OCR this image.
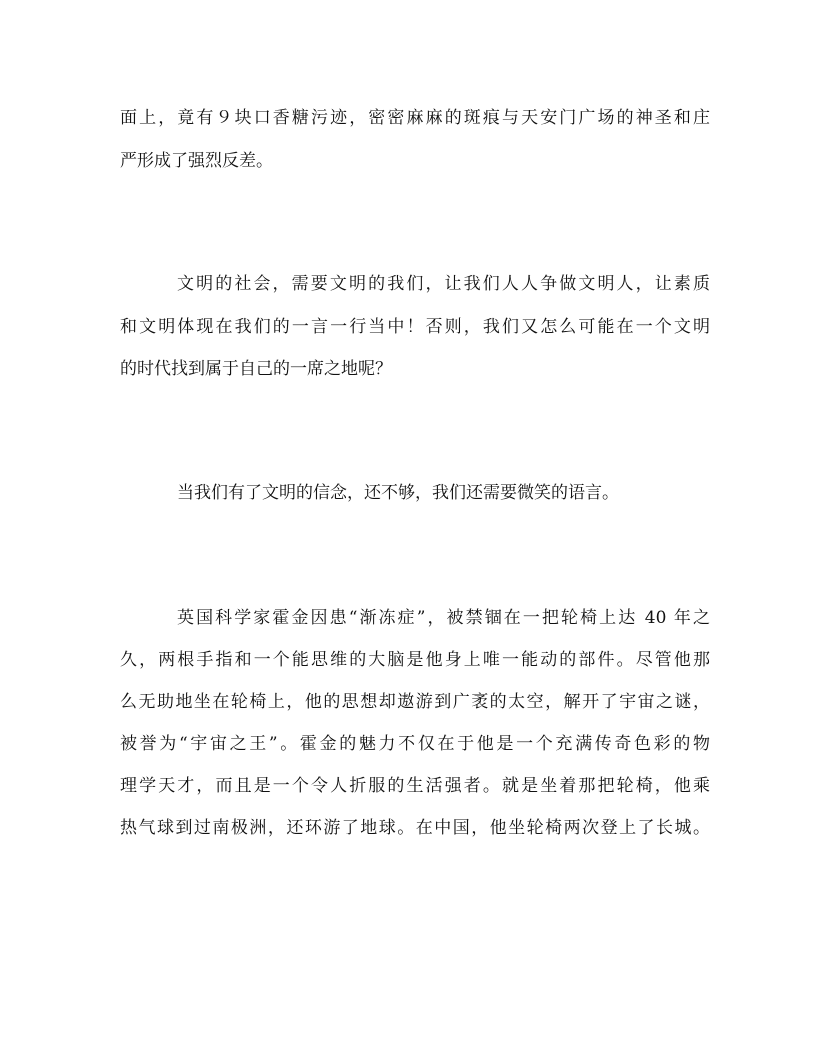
面上，竟有９块口香糖污迹，密密麻麻的斑痕与天安门广场的神圣和庄
严形成了强烈反差。
文明的社会，需要文明的我们，让我们人人争做文明人，让素质
和文明体现在我们的一言一行当中！否则，我们又怎么可能在一个文明
的时代找到属于自己的一席之地呢？
当我们有了文明的信念，还不够，我们还需要微笑的语言。
英国科学家霍金因患“渐冻症”，被禁锢在一把轮椅上达 40 年之
久，两根手指和一个能思维的大脑是他身上唯一能动的部件。尽管他那
么无助地坐在轮椅上，他的思想却遨游到广袤的太空，解开了宇宙之谜，
被誉为“宇宙之王”。霍金的魅力不仅在于他是一个充满传奇色彩的物
理学天才，而且是一个令人折服的生活强者。就是坐着那把轮椅，他乘
热气球到过南极洲，还环游了地球。在中国，他坐轮椅两次登上了长城。
